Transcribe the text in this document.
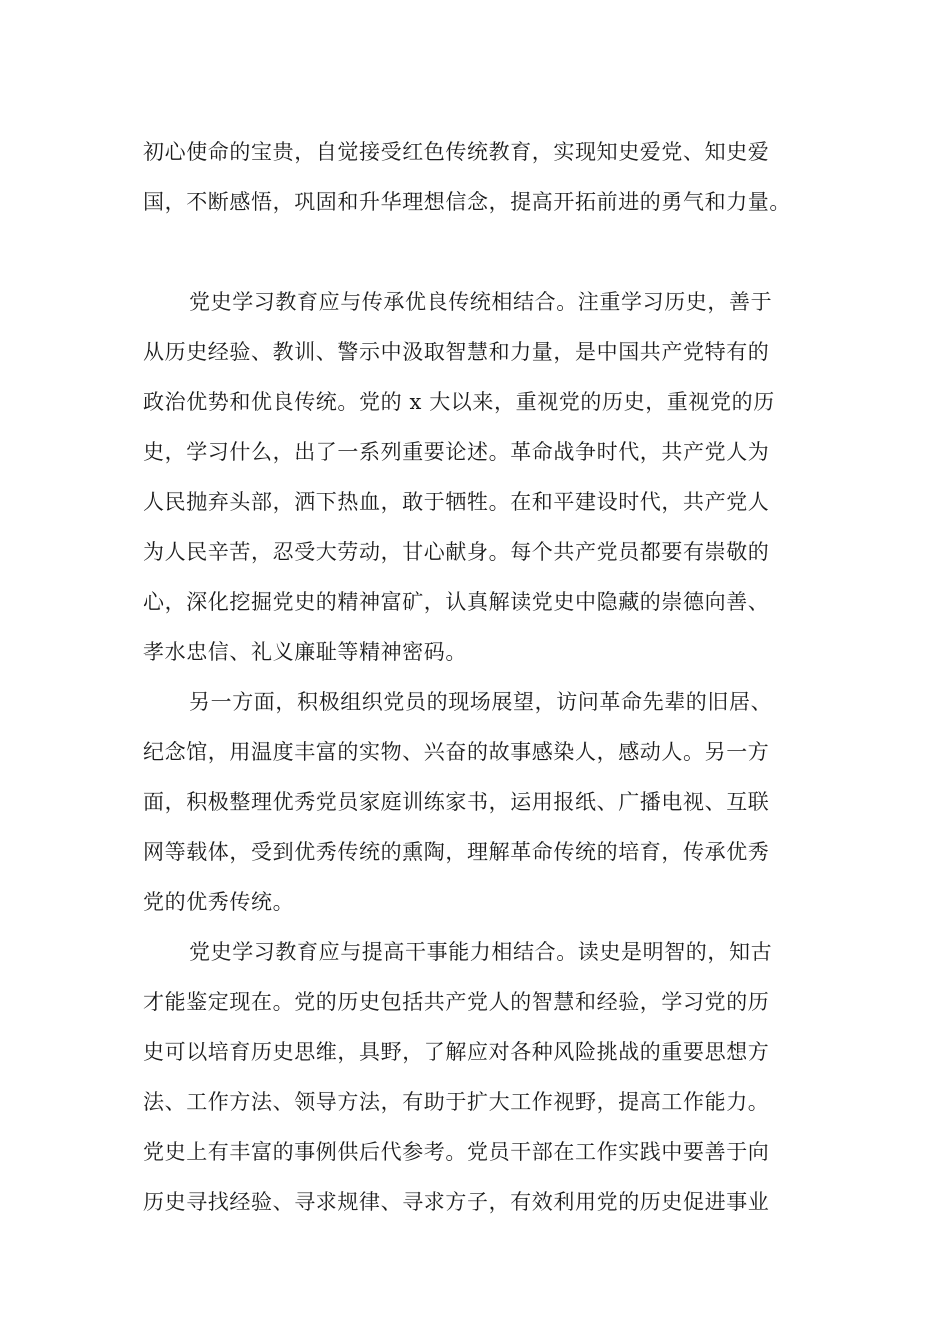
初心使命的宝贵，自觉接受红色传统教育，实现知史爱党、知史爱
国，不断感悟，巩固和升华理想信念，提高开拓前进的勇气和力量。
党史学习教育应与传承优良传统相结合。注重学习历史，善于
从历史经验、教训、警示中汲取智慧和力量，是中国共产党特有的
政治优势和优良传统。党的 x 大以来，重视党的历史，重视党的历
史，学习什么，出了一系列重要论述。革命战争时代，共产党人为
人民抛弃头部，洒下热血，敢于牺牲。在和平建设时代，共产党人
为人民辛苦，忍受大劳动，甘心献身。每个共产党员都要有崇敬的
心，深化挖掘党史的精神富矿，认真解读党史中隐藏的崇德向善、
孝水忠信、礼义廉耻等精神密码。
另一方面，积极组织党员的现场展望，访问革命先辈的旧居、
纪念馆，用温度丰富的实物、兴奋的故事感染人，感动人。另一方
面，积极整理优秀党员家庭训练家书，运用报纸、广播电视、互联
网等载体，受到优秀传统的熏陶，理解革命传统的培育，传承优秀
党的优秀传统。
党史学习教育应与提高干事能力相结合。读史是明智的，知古
才能鉴定现在。党的历史包括共产党人的智慧和经验，学习党的历
史可以培育历史思维，具野，了解应对各种风险挑战的重要思想方
法、工作方法、领导方法，有助于扩大工作视野，提高工作能力。
党史上有丰富的事例供后代参考。党员干部在工作实践中要善于向
历史寻找经验、寻求规律、寻求方子，有效利用党的历史促进事业
